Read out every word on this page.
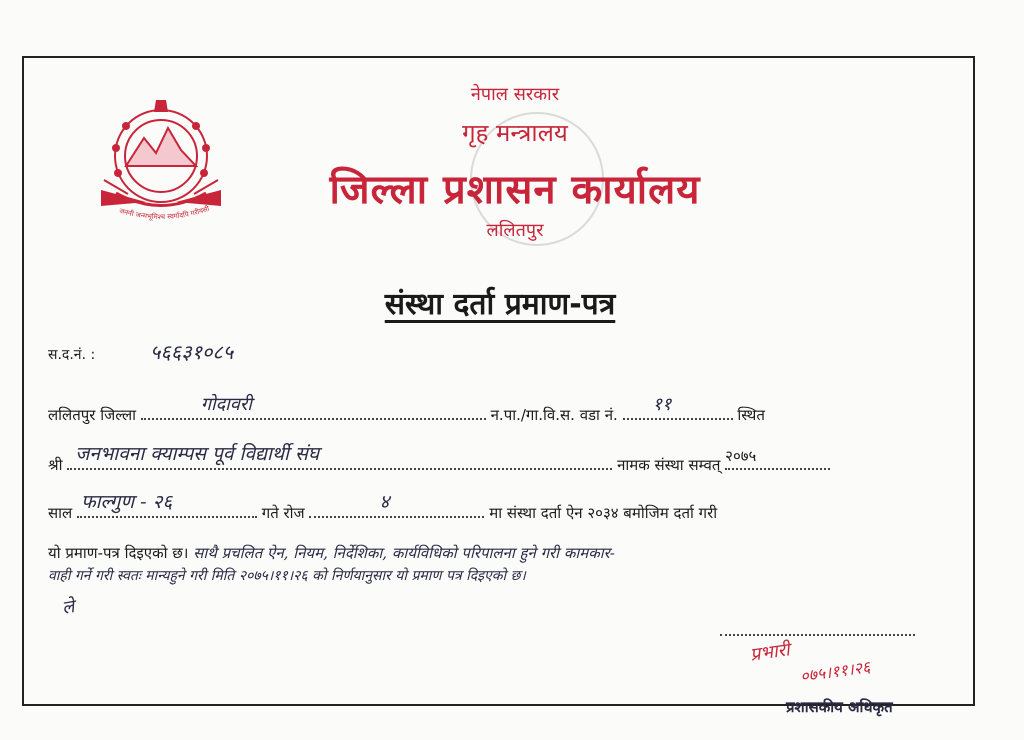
जननी जन्मभूमिश्च स्वर्गादपि गरीयसी
नेपाल सरकार
गृह मन्त्रालय
जिल्ला प्रशासन कार्यालय
ललितपुर
संस्था दर्ता प्रमाण-पत्र
स.द.नं. :	५६६३१०८५
ललितपुर जिल्ला	गोदावरी	न.पा./गा.वि.स. वडा नं. ११	स्थित
श्री जनभावना क्याम्पस पूर्व विद्यार्थी संघ	नामक संस्था सम्वत् २०७५
साल फाल्गुण - २६	गते रोज	४	मा संस्था दर्ता ऐन २०३४ बमोजिम दर्ता गरी
यो प्रमाण-पत्र दिइएको छ। साथै प्रचलित ऐन, नियम, निर्देशिका, कार्यविधिको परिपालना हुने गरी कामकार-
वाही गर्ने गरी स्वतः मान्यहुने गरी मिति २०७५।११।२६ को निर्णयानुसार यो प्रमाण पत्र दिइएको छ।
ले
प्रभारी
०७५।११।२६
प्रशासकीय अधिकृत
